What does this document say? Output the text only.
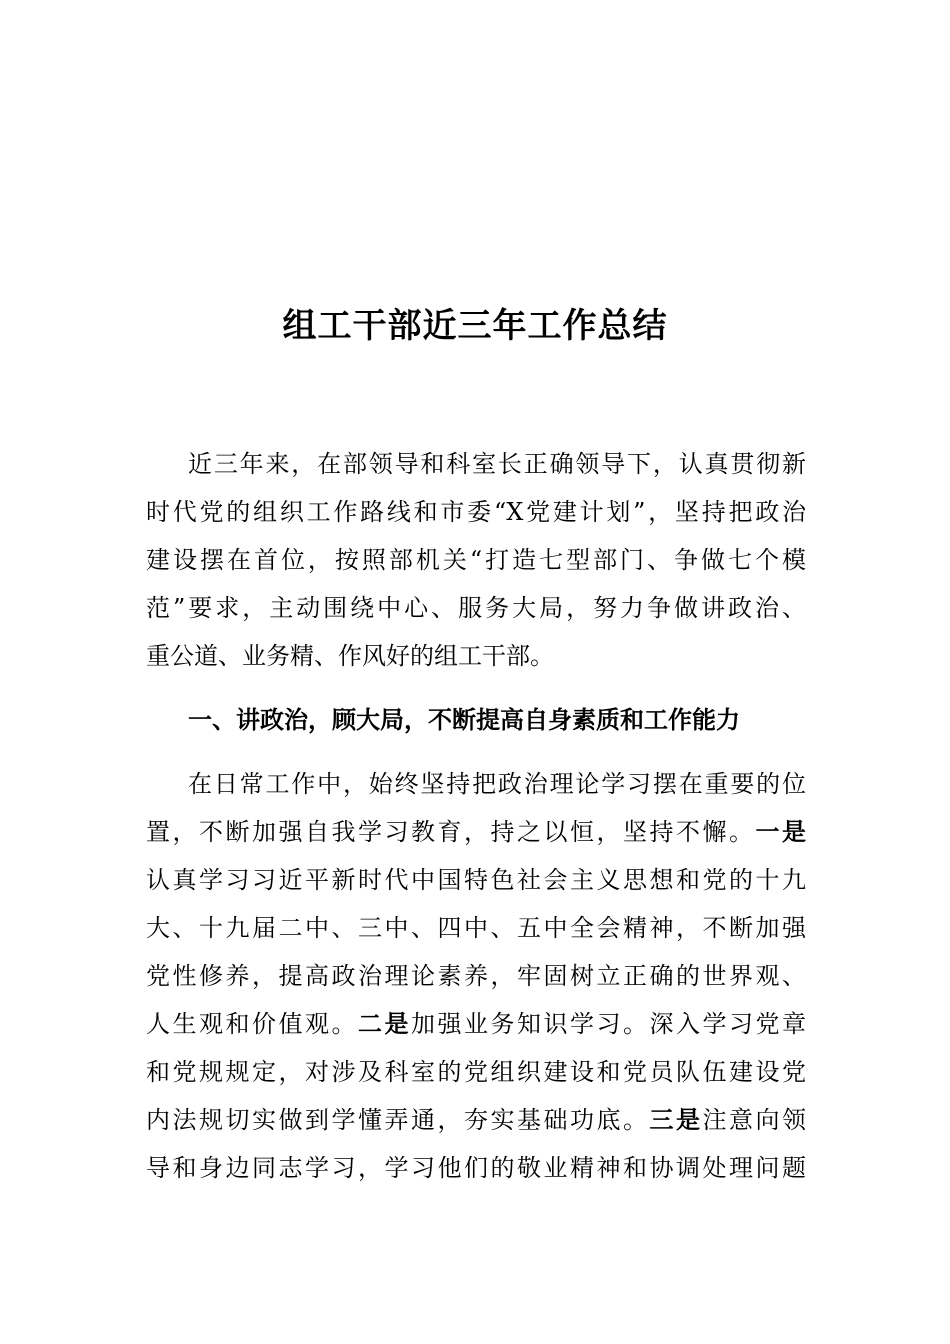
组工干部近三年工作总结
近三年来，在部领导和科室长正确领导下，认真贯彻新
时代党的组织工作路线和市委“X党建计划”，坚持把政治
建设摆在首位，按照部机关“打造七型部门、争做七个模
范”要求，主动围绕中心、服务大局，努力争做讲政治、
重公道、业务精、作风好的组工干部。
一、讲政治，顾大局，不断提高自身素质和工作能力
在日常工作中，始终坚持把政治理论学习摆在重要的位
置，不断加强自我学习教育，持之以恒，坚持不懈。一是
认真学习习近平新时代中国特色社会主义思想和党的十九
大、十九届二中、三中、四中、五中全会精神，不断加强
党性修养，提高政治理论素养，牢固树立正确的世界观、
人生观和价值观。二是加强业务知识学习。深入学习党章
和党规规定，对涉及科室的党组织建设和党员队伍建设党
内法规切实做到学懂弄通，夯实基础功底。三是注意向领
导和身边同志学习，学习他们的敬业精神和协调处理问题
